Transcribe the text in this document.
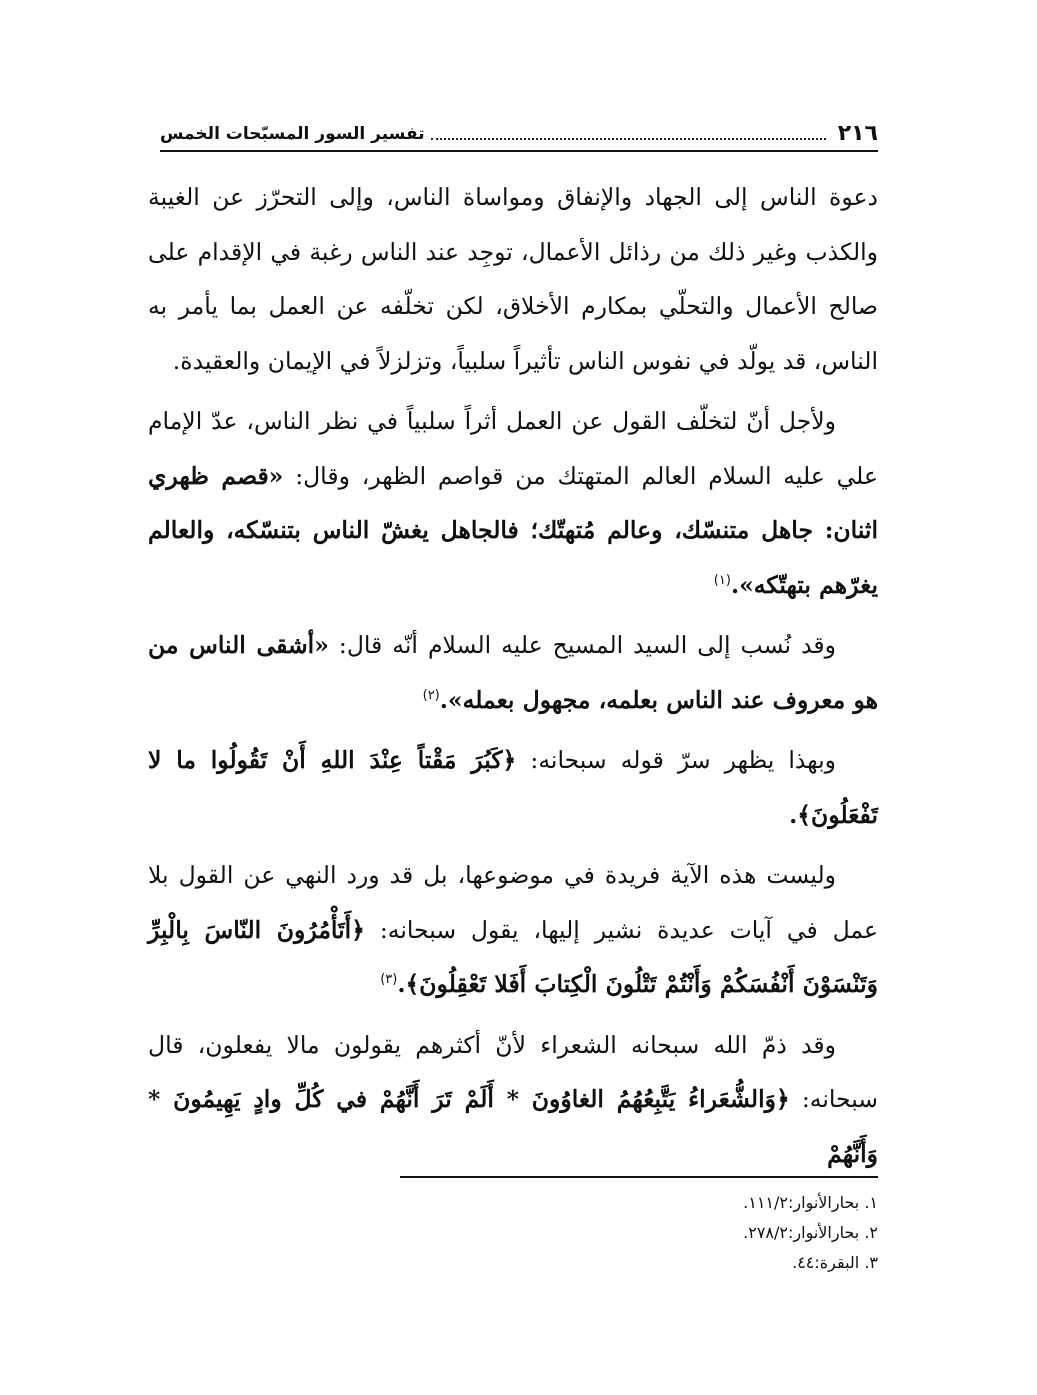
٢١٦
تفسير السور المسبّحات الخمس

دعوة الناس إلى الجهاد والإنفاق ومواساة الناس، وإلى التحرّز عن الغيبة والكذب وغير ذلك من رذائل الأعمال، توجِد عند الناس رغبة في الإقدام على صالح الأعمال والتحلّي بمكارم الأخلاق، لكن تخلّفه عن العمل بما يأمر به الناس، قد يولّد في نفوس الناس تأثيراً سلبياً، وتزلزلاً في الإيمان والعقيدة.

ولأجل أنّ لتخلّف القول عن العمل أثراً سلبياً في نظر الناس، عدّ الإمام علي عليه السلام العالم المتهتك من قواصم الظهر، وقال: «قصم ظهري اثنان: جاهل متنسّك، وعالم مُتهتّك؛ فالجاهل يغشّ الناس بتنسّكه، والعالم يغرّهم بتهتّكه».$^{(١)}$

وقد نُسب إلى السيد المسيح عليه السلام أنّه قال: «أشقى الناس من هو معروف عند الناس بعلمه، مجهول بعمله».$^{(٢)}$

وبهذا يظهر سرّ قوله سبحانه: ﴿كَبُرَ مَقْتاً عِنْدَ اللهِ أَنْ تَقُولُوا ما لا تَفْعَلُونَ﴾.

وليست هذه الآية فريدة في موضوعها، بل قد ورد النهي عن القول بلا عمل في آيات عديدة نشير إليها، يقول سبحانه: ﴿أَتَأْمُرُونَ النّاسَ بِالْبِرِّ وَتَنْسَوْنَ أَنْفُسَكُمْ وَأَنْتُمْ تَتْلُونَ الْكِتابَ أَفَلا تَعْقِلُونَ﴾.$^{(٣)}$

وقد ذمّ الله سبحانه الشعراء لأنّ أكثرهم يقولون مالا يفعلون، قال سبحانه: ﴿وَالشُّعَراءُ يَتَّبِعُهُمُ الغاوُونَ * أَلَمْ تَرَ أَنَّهُمْ في كُلِّ وادٍ يَهِيمُونَ * وَأَنَّهُمْ

١. بحارالأنوار:١١١/٢.

٢. بحارالأنوار:٢٧٨/٢.

٣. البقرة:٤٤.
